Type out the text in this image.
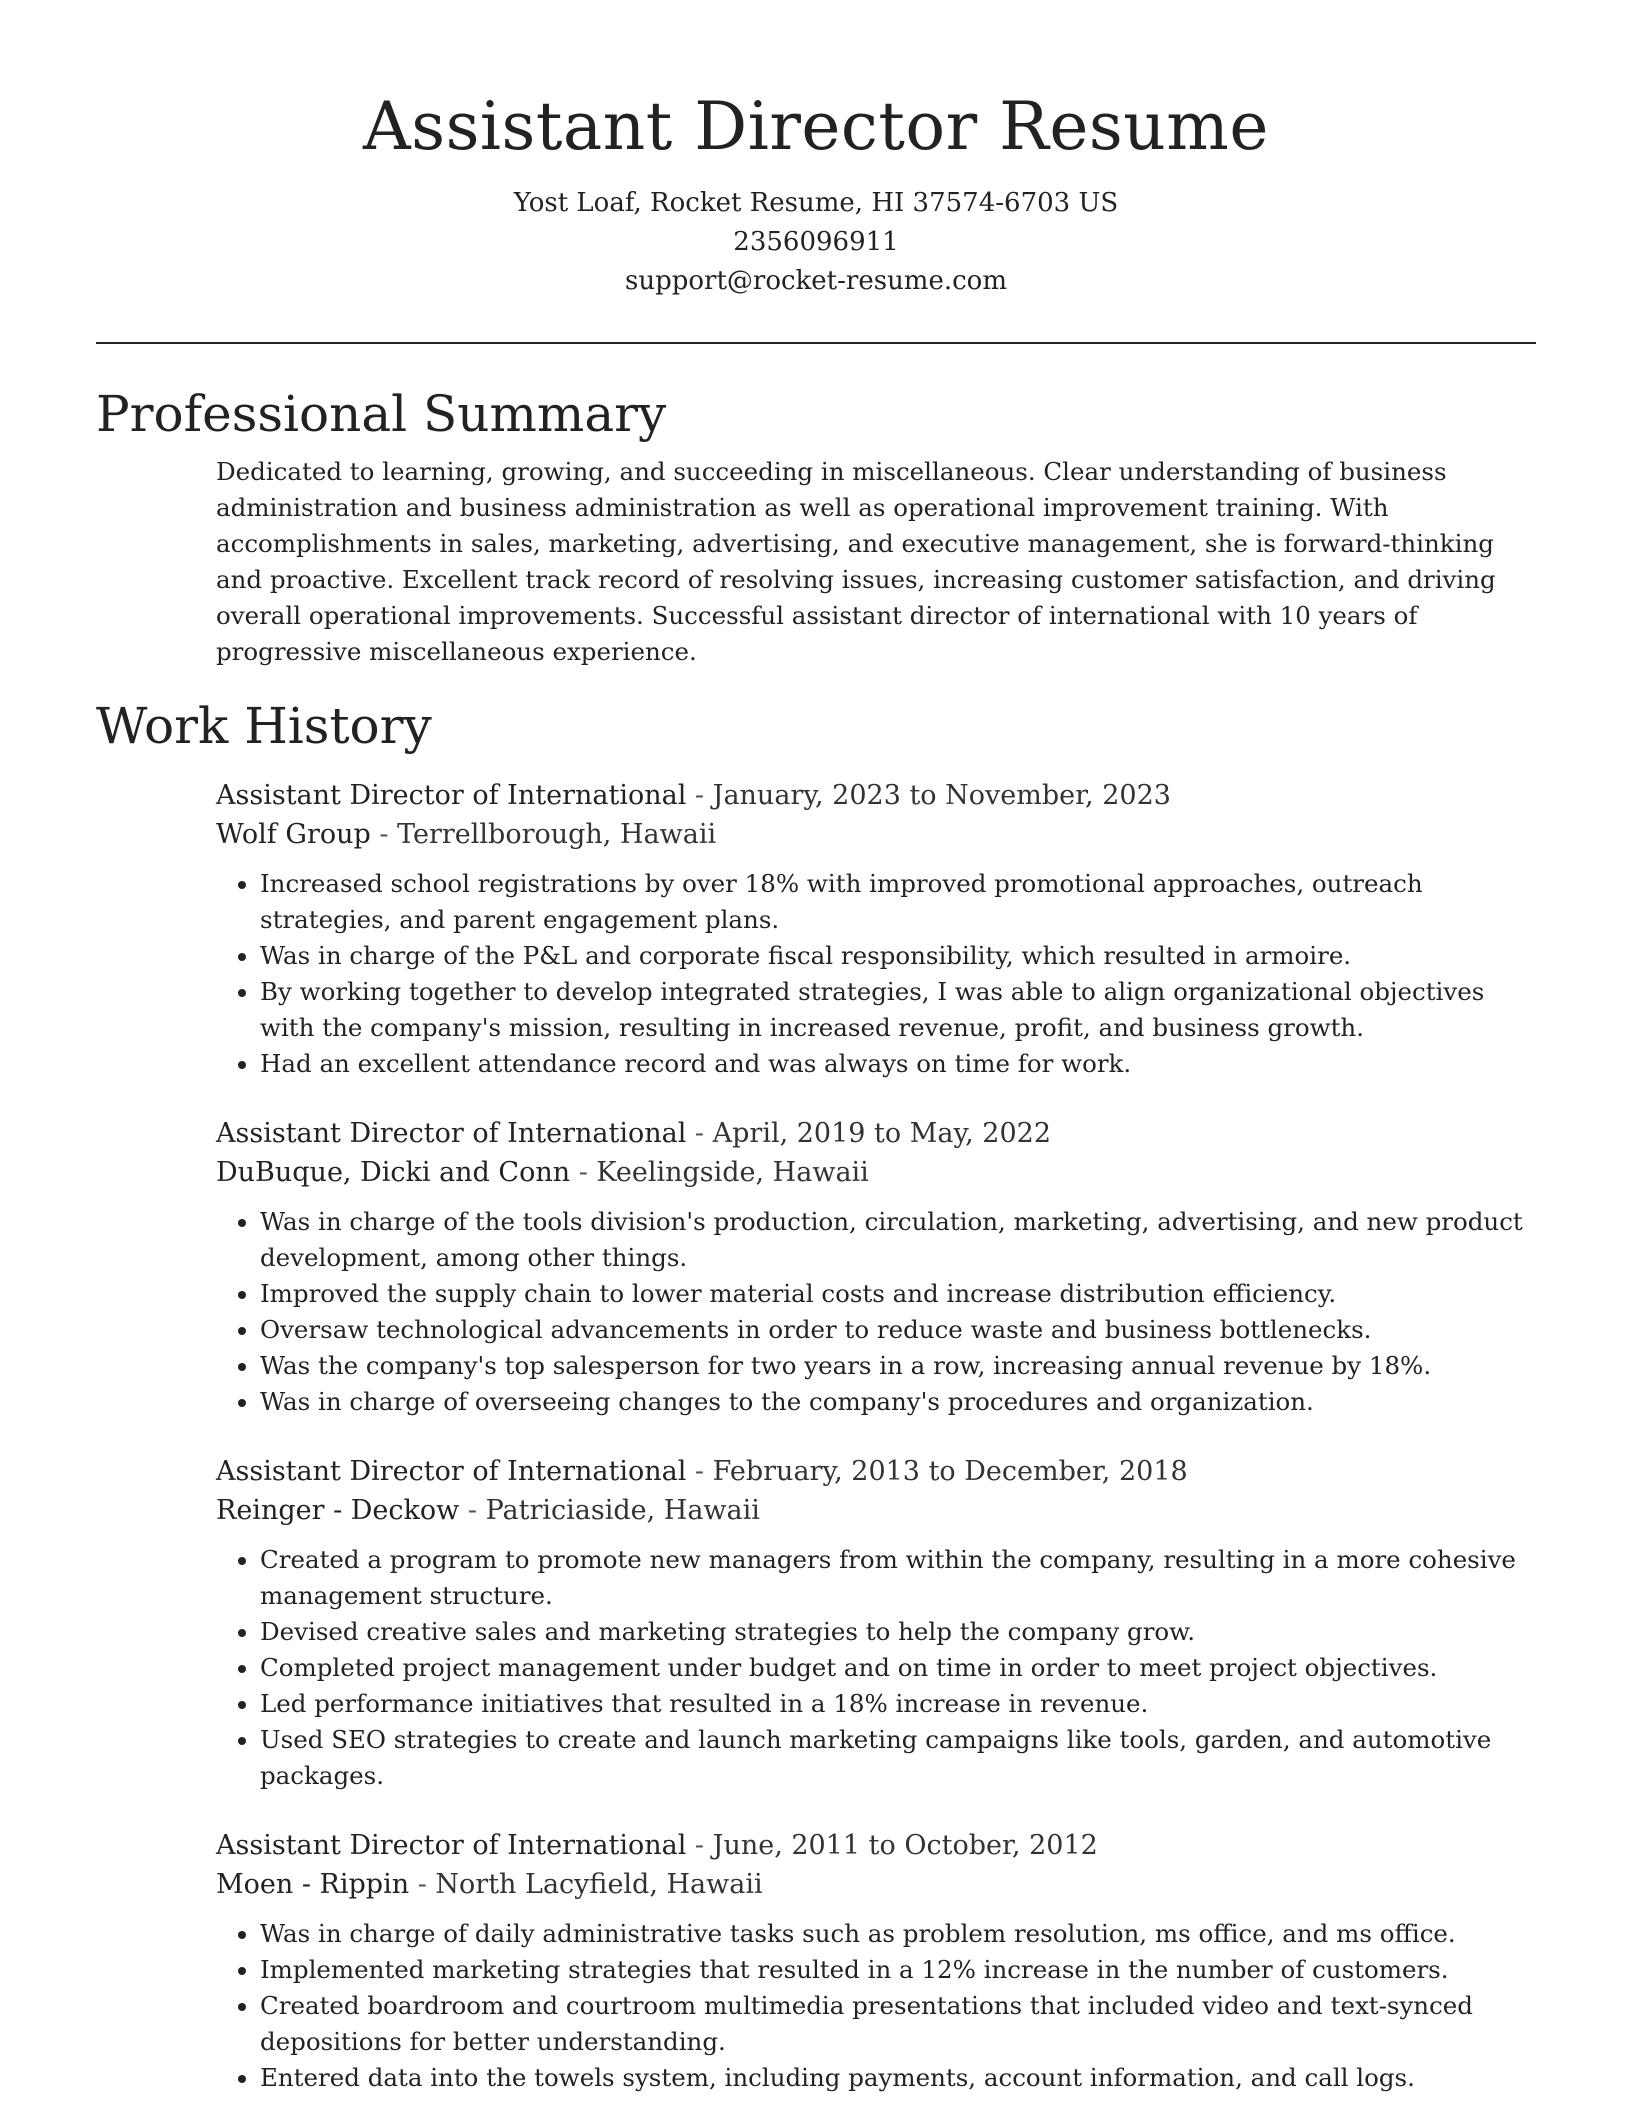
Assistant Director Resume
Yost Loaf, Rocket Resume, HI 37574-6703 US
2356096911
support@rocket-resume.com
Professional Summary

Dedicated to learning, growing, and succeeding in miscellaneous. Clear understanding of business administration and business administration as well as operational improvement training. With accomplishments in sales, marketing, advertising, and executive management, she is forward-thinking and proactive. Excellent track record of resolving issues, increasing customer satisfaction, and driving overall operational improvements. Successful assistant director of international with 10 years of progressive miscellaneous experience.

Work History

Assistant Director of International - January, 2023 to November, 2023

Wolf Group - Terrellborough, Hawaii

• Increased school registrations by over 18% with improved promotional approaches, outreach strategies, and parent engagement plans.
• Was in charge of the P&L and corporate fiscal responsibility, which resulted in armoire.
• By working together to develop integrated strategies, I was able to align organizational objectives with the company's mission, resulting in increased revenue, profit, and business growth.
• Had an excellent attendance record and was always on time for work.

Assistant Director of International - April, 2019 to May, 2022

DuBuque, Dicki and Conn - Keelingside, Hawaii

• Was in charge of the tools division's production, circulation, marketing, advertising, and new product development, among other things.
• Improved the supply chain to lower material costs and increase distribution efficiency.
• Oversaw technological advancements in order to reduce waste and business bottlenecks.
• Was the company's top salesperson for two years in a row, increasing annual revenue by 18%.
• Was in charge of overseeing changes to the company's procedures and organization.

Assistant Director of International - February, 2013 to December, 2018

Reinger - Deckow - Patriciaside, Hawaii

• Created a program to promote new managers from within the company, resulting in a more cohesive management structure.
• Devised creative sales and marketing strategies to help the company grow.
• Completed project management under budget and on time in order to meet project objectives.
• Led performance initiatives that resulted in a 18% increase in revenue.
• Used SEO strategies to create and launch marketing campaigns like tools, garden, and automotive packages.

Assistant Director of International - June, 2011 to October, 2012

Moen - Rippin - North Lacyfield, Hawaii

• Was in charge of daily administrative tasks such as problem resolution, ms office, and ms office.
• Implemented marketing strategies that resulted in a 12% increase in the number of customers.
• Created boardroom and courtroom multimedia presentations that included video and text-synced depositions for better understanding.
• Entered data into the towels system, including payments, account information, and call logs.
